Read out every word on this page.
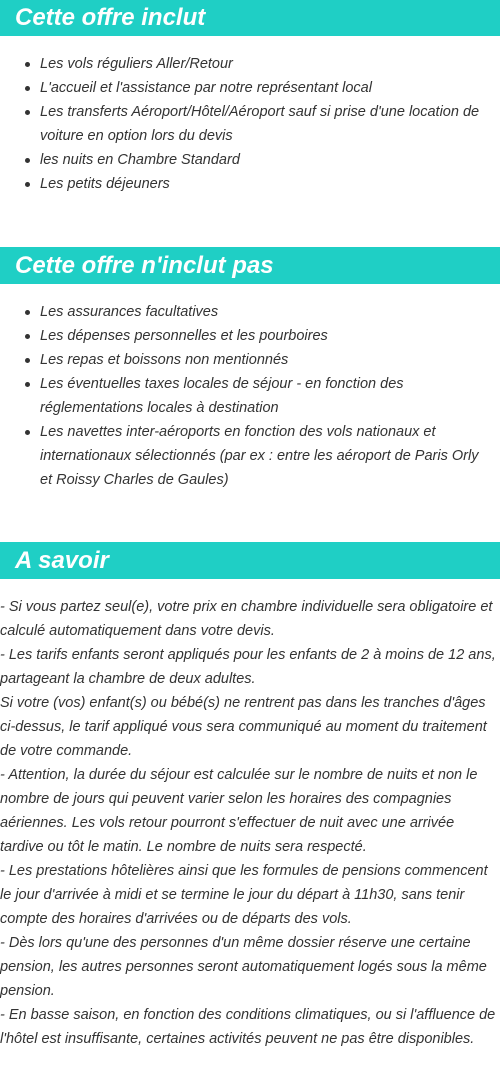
Cette offre inclut
Les vols réguliers Aller/Retour
L'accueil et l'assistance par notre représentant local
Les transferts Aéroport/Hôtel/Aéroport sauf si prise d'une location de voiture en option lors du devis
les nuits en Chambre Standard
Les petits déjeuners
Cette offre n'inclut pas
Les assurances facultatives
Les dépenses personnelles et les pourboires
Les repas et boissons non mentionnés
Les éventuelles taxes locales de séjour - en fonction des réglementations locales à destination
Les navettes inter-aéroports en fonction des vols nationaux et internationaux sélectionnés (par ex : entre les aéroport de Paris Orly et Roissy Charles de Gaules)
A savoir
- Si vous partez seul(e), votre prix en chambre individuelle sera obligatoire et calculé automatiquement dans votre devis.
- Les tarifs enfants seront appliqués pour les enfants de 2 à moins de 12 ans, partageant la chambre de deux adultes.
Si votre (vos) enfant(s) ou bébé(s) ne rentrent pas dans les tranches d'âges ci-dessus, le tarif appliqué vous sera communiqué au moment du traitement de votre commande.
- Attention, la durée du séjour est calculée sur le nombre de nuits et non le nombre de jours qui peuvent varier selon les horaires des compagnies aériennes. Les vols retour pourront s'effectuer de nuit avec une arrivée tardive ou tôt le matin. Le nombre de nuits sera respecté.
- Les prestations hôtelières ainsi que les formules de pensions commencent le jour d'arrivée à midi et se termine le jour du départ à 11h30, sans tenir compte des horaires d'arrivées ou de départs des vols.
- Dès lors qu'une des personnes d'un même dossier réserve une certaine pension, les autres personnes seront automatiquement logés sous la même pension.
- En basse saison, en fonction des conditions climatiques, ou si l'affluence de l'hôtel est insuffisante, certaines activités peuvent ne pas être disponibles.
